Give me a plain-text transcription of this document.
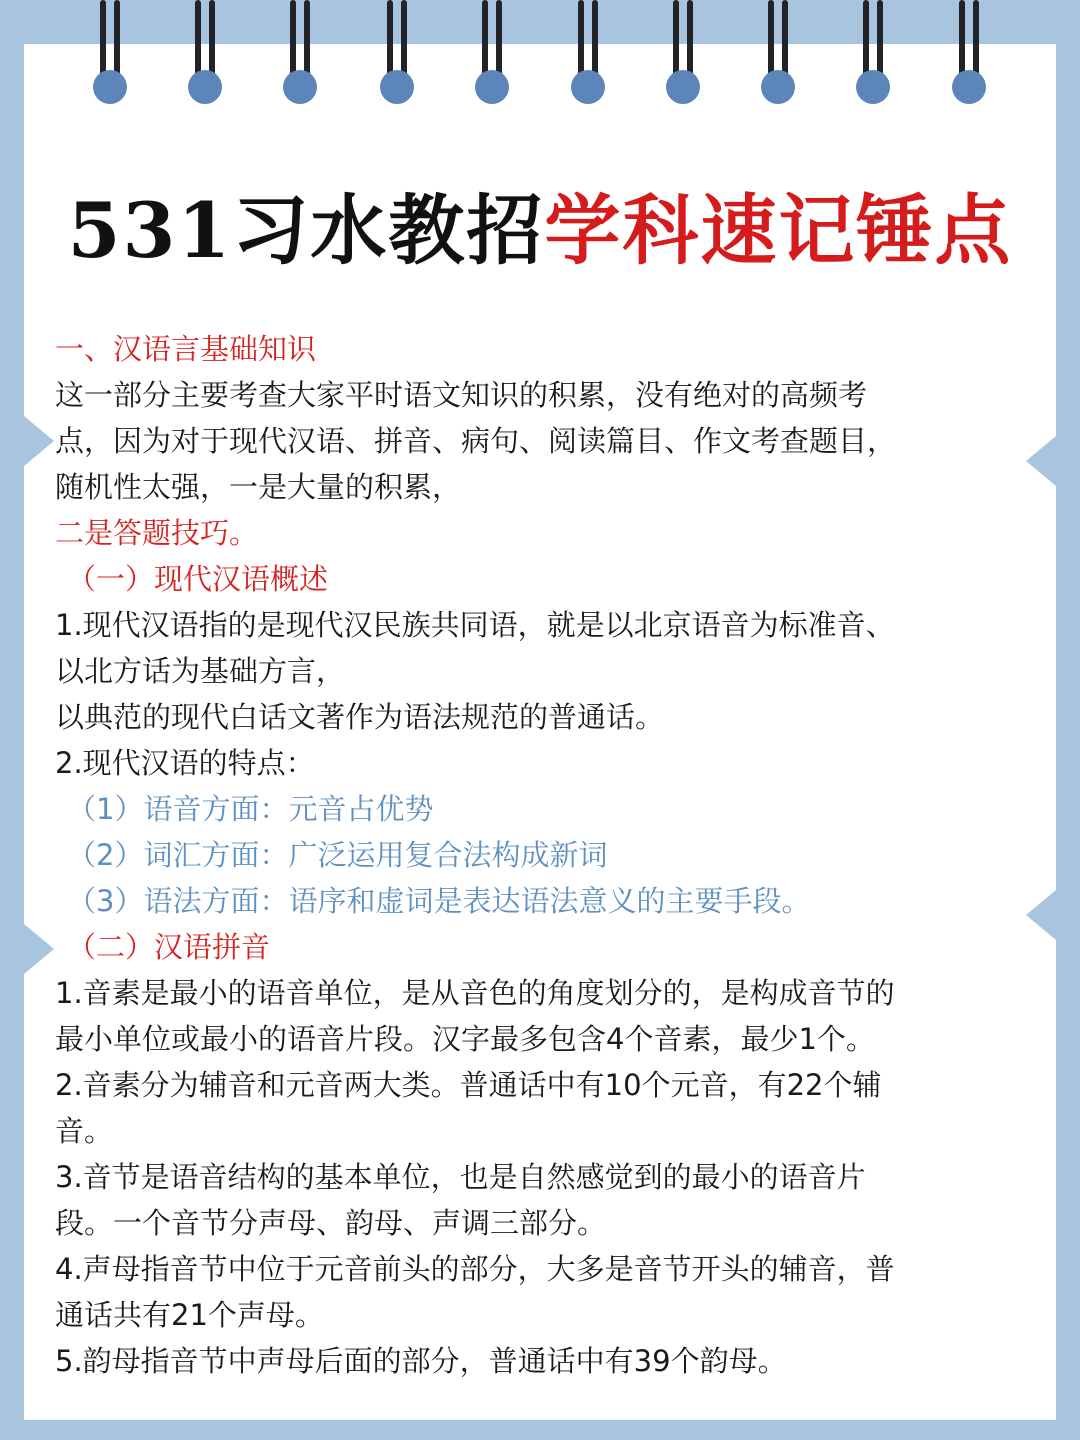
531习水教招学科速记锤点
一、汉语言基础知识
这一部分主要考查大家平时语文知识的积累，没有绝对的高频考
点，因为对于现代汉语、拼音、病句、阅读篇目、作文考查题目，
随机性太强，一是大量的积累，
二是答题技巧。
（一）现代汉语概述
1.现代汉语指的是现代汉民族共同语，就是以北京语音为标准音、
以北方话为基础方言，
以典范的现代白话文著作为语法规范的普通话。
2.现代汉语的特点：
（1）语音方面：元音占优势
（2）词汇方面：广泛运用复合法构成新词
（3）语法方面：语序和虚词是表达语法意义的主要手段。
（二）汉语拼音
1.音素是最小的语音单位，是从音色的角度划分的，是构成音节的
最小单位或最小的语音片段。汉字最多包含4个音素，最少1个。
2.音素分为辅音和元音两大类。普通话中有10个元音，有22个辅
音。
3.音节是语音结构的基本单位，也是自然感觉到的最小的语音片
段。一个音节分声母、韵母、声调三部分。
4.声母指音节中位于元音前头的部分，大多是音节开头的辅音，普
通话共有21个声母。
5.韵母指音节中声母后面的部分，普通话中有39个韵母。
